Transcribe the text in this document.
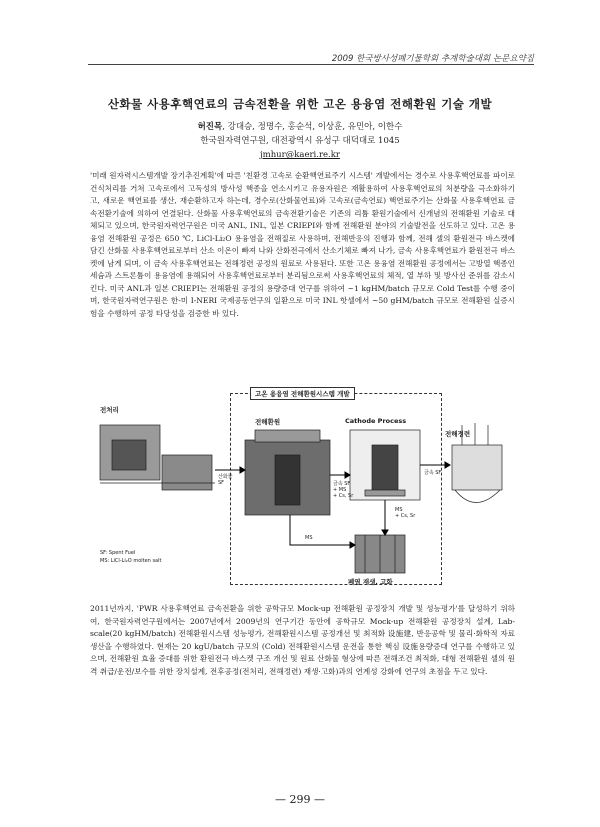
2009 한국방사성폐기물학회 추계학술대회 논문요약집
산화물 사용후핵연료의 금속전환을 위한 고온 용융염 전해환원 기술 개발
허진목, 강대승, 정명수, 홍순석, 이상훈, 유민아, 이한수
한국원자력연구원, 대전광역시 유성구 대덕대로 1045
jmhur@kaeri.re.kr

'미래 원자력시스템개발 장기추진계획'에 따른 '친환경 고속로 순환핵연료주기 시스템' 개발에서는 경수로 사용후핵연료를 파이로 건식처리를 거쳐 고속로에서 고독성의 방사성 핵종을 연소시키고 유용자원은 재활용하여 사용후핵연료의 처분량을 극소화하기고, 새로운 핵연료를 생산, 재순환하고자 하는데, 경수로(산화물연료)와 고속로(금속연료) 핵연료주기는 산화물 사용후핵연료 금속전환기술에 의하여 연결된다. 산화물 사용후핵연료의 금속전환기술은 기존의 리튬 환원기술에서 신개념의 전해환원 기술로 대체되고 있으며, 한국원자력연구원은 미국 ANL, INL, 일본 CRIEPI와 함께 전해환원 분야의 기술발전을 선도하고 있다. 고온 용융염 전해환원 공정은 650 ℃, LiCl-Li₂O 용융염을 전해질로 사용하며, 전해반응의 진행과 함께, 전해 셀의 환원전극 바스켓에 담긴 산화물 사용후핵연료로부터 산소 이온이 빠져 나와 산화전극에서 산소기체로 빠져 나가, 금속 사용후핵연료가 환원전극 바스켓에 남게 되며, 이 금속 사용후핵연료는 전해정련 공정의 원료로 사용된다. 또한 고온 용융염 전해환원 공정에서는 고방열 핵종인 세슘과 스트론튬이 용융염에 용해되어 사용후핵연료로부터 분리됨으로써 사용후핵연료의 체적, 열 부하 및 방사선 준위를 감소시킨다. 미국 ANL과 일본 CRIEPI는 전해환원 공정의 용량증대 연구를 위하여 ~1 kgHM/batch 규모로 Cold Test를 수행 중이며, 한국원자력연구원은 한-미 I-NERI 국제공동연구의 일환으로 미국 INL 핫셀에서 ~50 gHM/batch 규모로 전해환원 실증시험을 수행하여 공정 타당성을 검증한 바 있다.

고온 용융염 전해환원시스템 개발
전처리
전해환원	Cathode Process
전해정련
폐염 재생, 고화
산화물
SF	금속 SF
+ MS
+ Cs, Sr
금속 SF
MS
+ Cs, Sr
MS
SF: Spent Fuel
MS: LiCl-Li₂O molten salt

2011년까지, 'PWR 사용후핵연료 금속전환을 위한 공학규모 Mock-up 전해환원 공정장치 개발 및 성능평가'를 달성하기 위하여, 한국원자력연구원에서는 2007년에서 2009년의 연구기간 동안에 공학규모 Mock-up 전해환원 공정장치 설계, Lab-scale(20 kgHM/batch) 전해환원시스템 성능평가, 전해환원시스템 공정개선 및 최적화 设施建, 반응공학 및 물리·화학적 자료 생산을 수행하였다. 현재는 20 kgU/batch 규모의 (Cold) 전해환원시스템 운전을 통한 핵심 设施용량증대 연구를 수행하고 있으며, 전해환원 효율 증대를 위한 환원전극 바스켓 구조 개선 및 원료 산화물 형상에 따른 전해조건 최적화, 대형 전해환원 셀의 원격 취급/운전/보수를 위한 장치설계, 전후공정(전처리, 전해정련) 재생·고화)과의 연계성 강화에 연구의 초점을 두고 있다.

— 299 —
